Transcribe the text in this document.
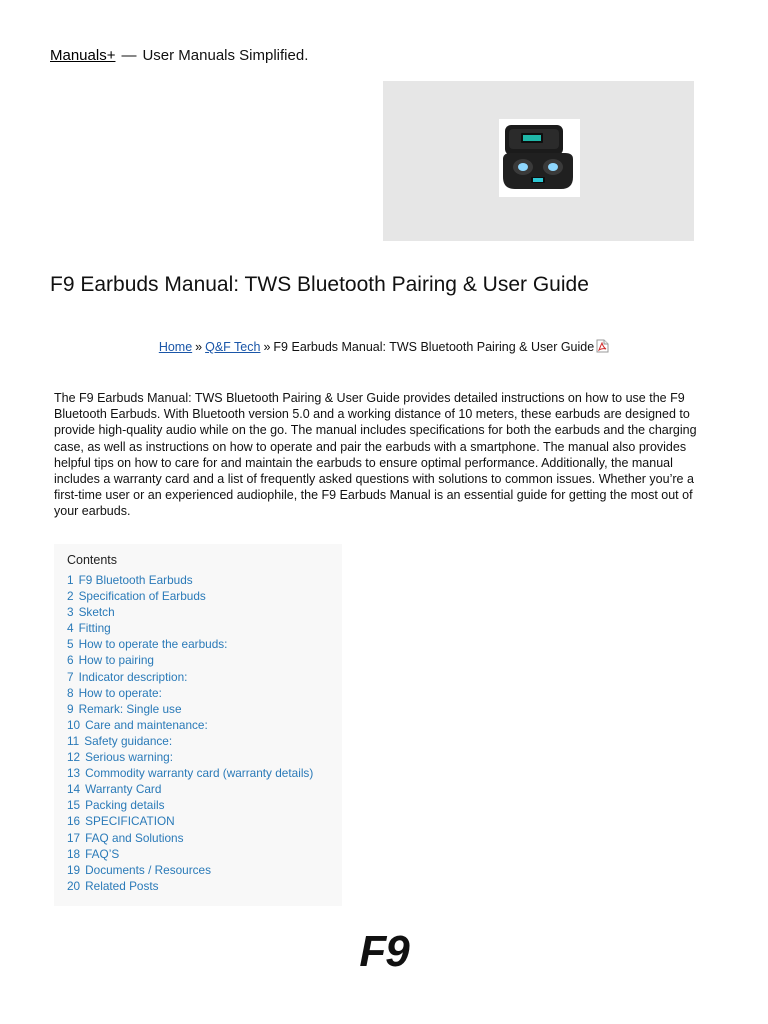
Manuals+ — User Manuals Simplified.
F9 Earbuds Manual: TWS Bluetooth Pairing & User Guide
Home » Q&F Tech » F9 Earbuds Manual: TWS Bluetooth Pairing & User Guide

The F9 Earbuds Manual: TWS Bluetooth Pairing & User Guide provides detailed instructions on how to use the F9 Bluetooth Earbuds. With Bluetooth version 5.0 and a working distance of 10 meters, these earbuds are designed to provide high-quality audio while on the go. The manual includes specifications for both the earbuds and the charging case, as well as instructions on how to operate and pair the earbuds with a smartphone. The manual also provides helpful tips on how to care for and maintain the earbuds to ensure optimal performance. Additionally, the manual includes a warranty card and a list of frequently asked questions with solutions to common issues. Whether you’re a first-time user or an experienced audiophile, the F9 Earbuds Manual is an essential guide for getting the most out of your earbuds.

Contents
1 F9 Bluetooth Earbuds
2 Specification of Earbuds
3 Sketch
4 Fitting
5 How to operate the earbuds:
6 How to pairing
7 Indicator description:
8 How to operate:
9 Remark: Single use
10 Care and maintenance:
11 Safety guidance:
12 Serious warning:
13 Commodity warranty card (warranty details)
14 Warranty Card
15 Packing details
16 SPECIFICATION
17 FAQ and Solutions
18 FAQ’S
19 Documents / Resources
20 Related Posts
F9
